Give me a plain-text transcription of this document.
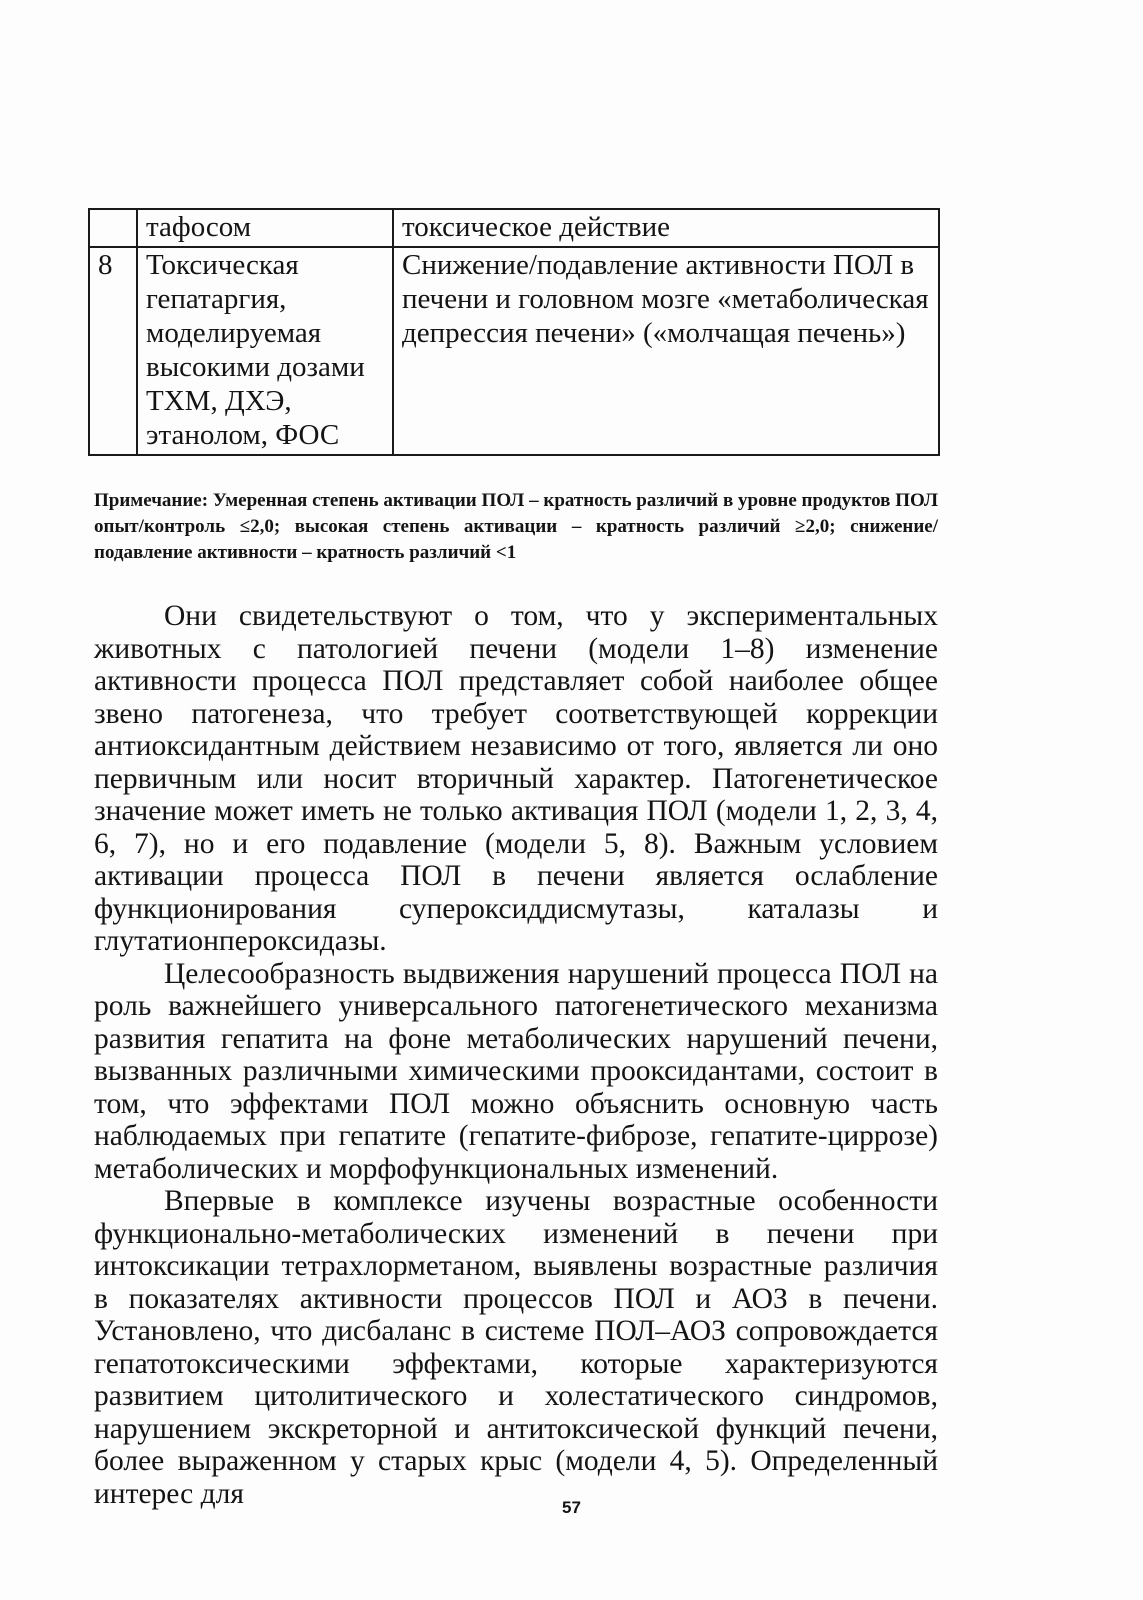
	тафосом	токсическое действие
8	Токсическая гепатаргия, моделируемая высокими дозами ТХМ, ДХЭ, этанолом, ФОС	Снижение/подавление активности ПОЛ в печени и головном мозге «метаболическая депрессия печени» («молчащая печень»)
Примечание: Умеренная степень активации ПОЛ – кратность различий в уровне продуктов ПОЛ опыт/контроль ≤2,0; высокая степень активации – кратность различий ≥2,0; снижение/подавление активности – кратность различий <1

Они свидетельствуют о том, что у экспериментальных животных с патологией печени (модели 1–8) изменение активности процесса ПОЛ представляет собой наиболее общее звено патогенеза, что требует соответствующей коррекции антиоксидантным действием независимо от того, является ли оно первичным или носит вторичный характер. Патогенетическое значение может иметь не только активация ПОЛ (модели 1, 2, 3, 4, 6, 7), но и его подавление (модели 5, 8). Важным условием активации процесса ПОЛ в печени является ослабление функционирования супероксиддисмутазы, каталазы и глутатионпероксидазы.

Целесообразность выдвижения нарушений процесса ПОЛ на роль важнейшего универсального патогенетического механизма развития гепатита на фоне метаболических нарушений печени, вызванных различными химическими прооксидантами, состоит в том, что эффектами ПОЛ можно объяснить основную часть наблюдаемых при гепатите (гепатите-фиброзе, гепатите-циррозе) метаболических и морфофункциональных изменений.

Впервые в комплексе изучены возрастные особенности функционально-метаболических изменений в печени при интоксикации тетрахлорметаном, выявлены возрастные различия в показателях активности процессов ПОЛ и АОЗ в печени. Установлено, что дисбаланс в системе ПОЛ–АОЗ сопровождается гепатотоксическими эффектами, которые характеризуются развитием цитолитического и холестатического синдромов, нарушением экскреторной и антитоксической функций печени, более выраженном у старых крыс (модели 4, 5). Определенный интерес для	57
